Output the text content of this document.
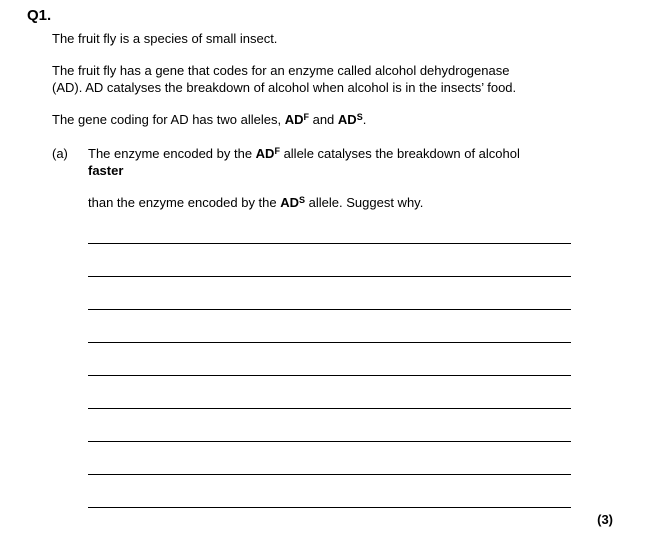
Q1.
The fruit fly is a species of small insect.
The fruit fly has a gene that codes for an enzyme called alcohol dehydrogenase
(AD). AD catalyses the breakdown of alcohol when alcohol is in the insects’ food.
The gene coding for AD has two alleles, $AD^F$ and $AD^S$.
(a) The enzyme encoded by the $AD^F$ allele catalyses the breakdown of alcohol
faster
than the enzyme encoded by the $AD^S$ allele. Suggest why.
(3)
